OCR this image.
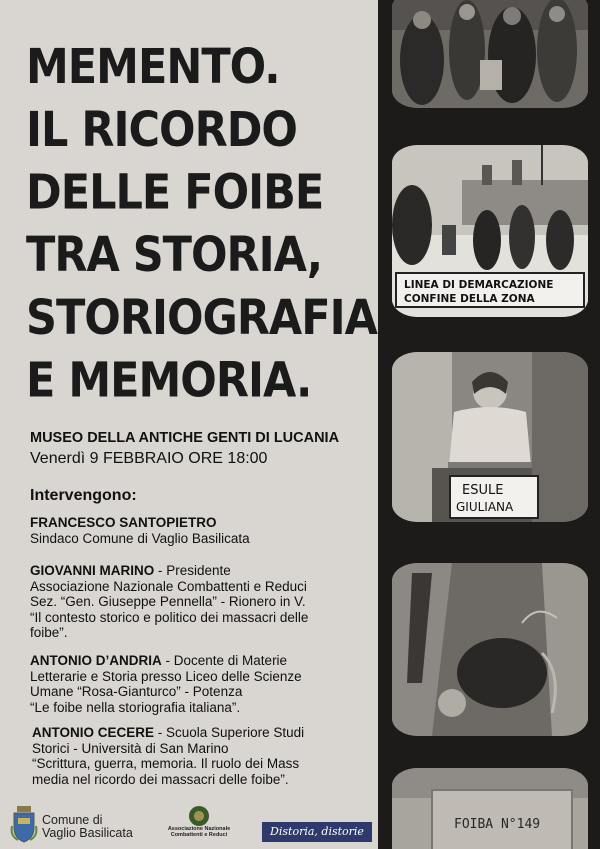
MEMENTO.
IL RICORDO
DELLE FOIBE
TRA STORIA,
STORIOGRAFIA
E MEMORIA.
MUSEO DELLA ANTICHE GENTI DI LUCANIA
Venerdì 9 FEBBRAIO ORE 18:00
Intervengono:
FRANCESCO SANTOPIETRO
Sindaco Comune di Vaglio Basilicata
GIOVANNI MARINO - Presidente
Associazione Nazionale Combattenti e Reduci
Sez. “Gen. Giuseppe Pennella” - Rionero in V.
“Il contesto storico e politico dei massacri delle
foibe”.
ANTONIO D’ANDRIA - Docente di Materie
Letterarie e Storia presso Liceo delle Scienze
Umane “Rosa-Gianturco” - Potenza
“Le foibe nella storiografia italiana”.
ANTONIO CECERE - Scuola Superiore Studi
Storici - Università di San Marino
“Scrittura, guerra, memoria. Il ruolo dei Mass
media nel ricordo dei massacri delle foibe”.
Comune di
Vaglio Basilicata	Associazione Nazionale
Combattenti e Reduci	Distoria, distorie
LINEA DI DEMARCAZIONE
CONFINE DELLA ZONA
ESULE
GIULIANA
FOIBA N°149
